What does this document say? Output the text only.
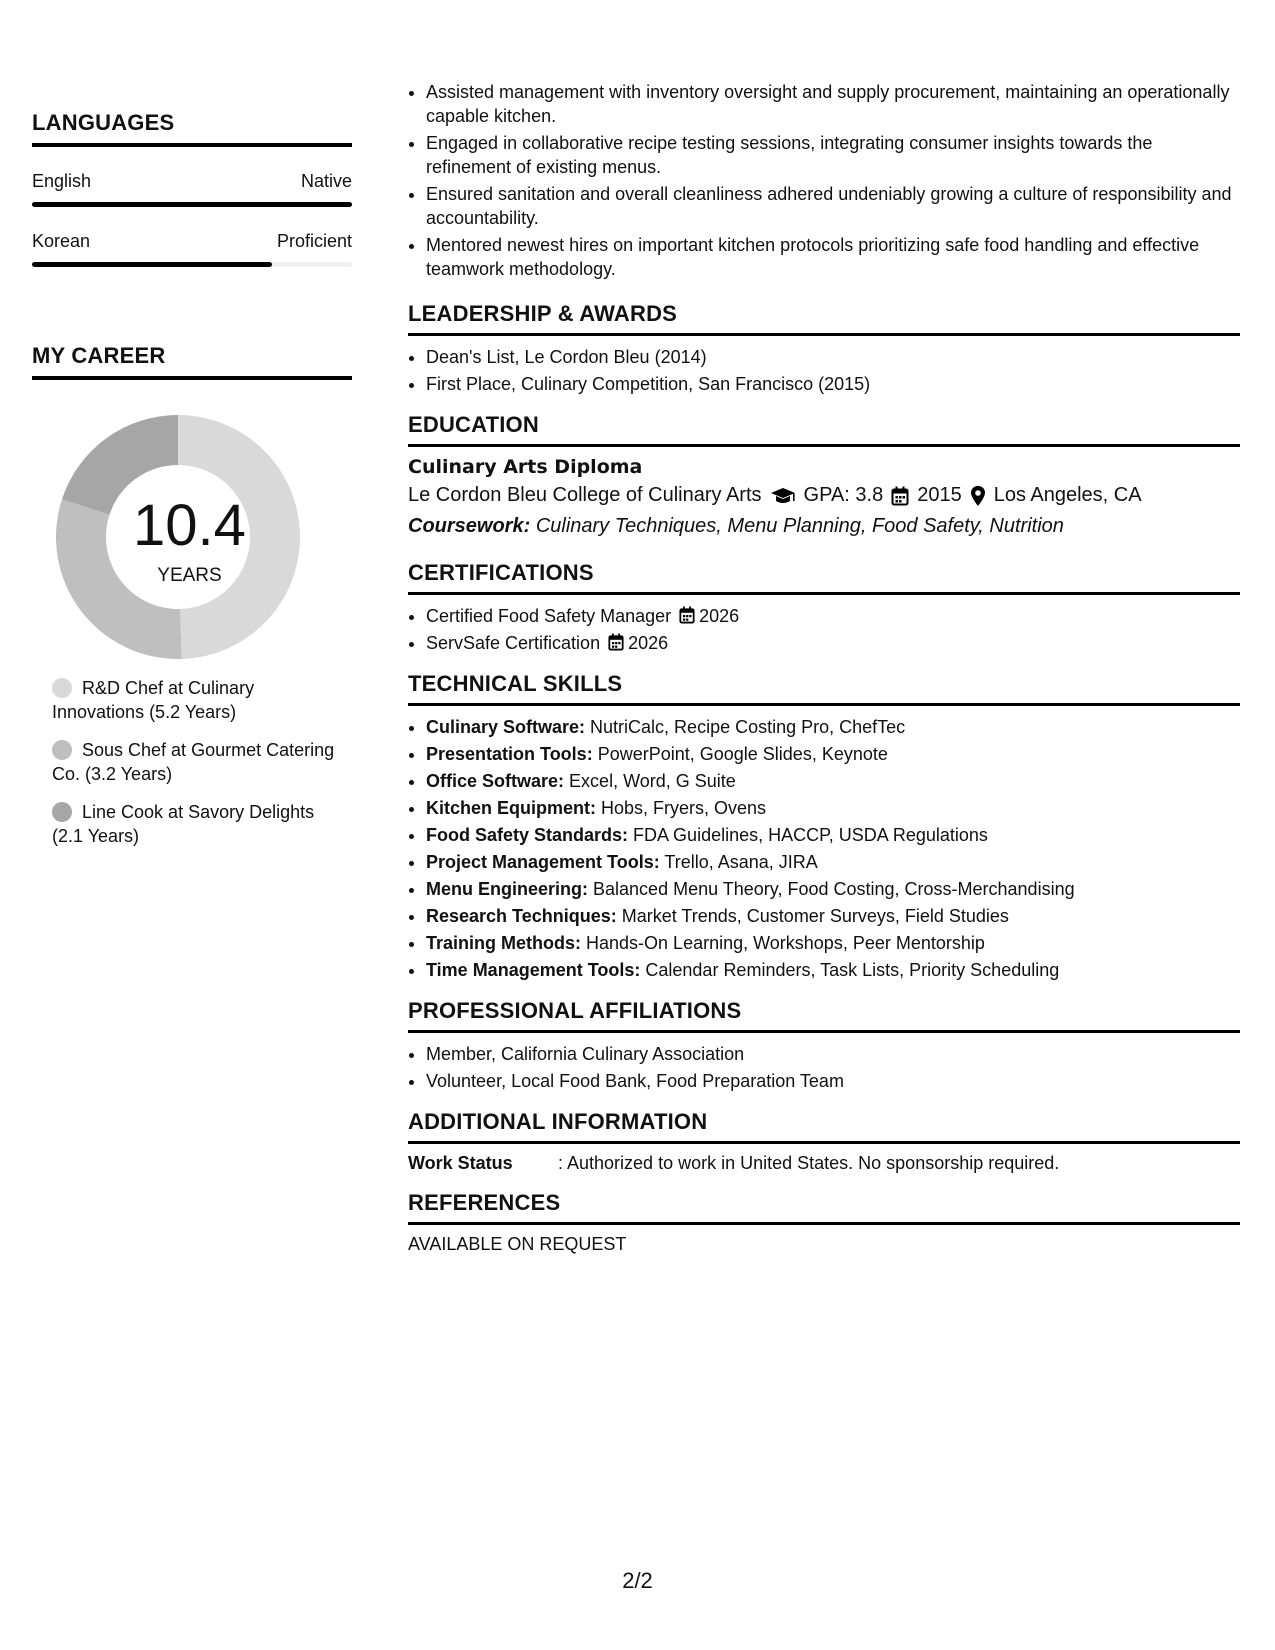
LANGUAGES
English	Native
Korean	Proficient
MY CAREER
10.4
YEARS
R&D Chef at Culinary Innovations (5.2 Years)
Sous Chef at Gourmet Catering Co. (3.2 Years)
Line Cook at Savory Delights (2.1 Years)
• Assisted management with inventory oversight and supply procurement, maintaining an operationally capable kitchen.
• Engaged in collaborative recipe testing sessions, integrating consumer insights towards the refinement of existing menus.
• Ensured sanitation and overall cleanliness adhered undeniably growing a culture of responsibility and accountability.
• Mentored newest hires on important kitchen protocols prioritizing safe food handling and effective teamwork methodology.
LEADERSHIP & AWARDS
• Dean's List, Le Cordon Bleu (2014)
• First Place, Culinary Competition, San Francisco (2015)
EDUCATION
Culinary Arts Diploma
Le Cordon Bleu College of Culinary Arts GPA: 3.8 2015 Los Angeles, CA
Coursework: Culinary Techniques, Menu Planning, Food Safety, Nutrition
CERTIFICATIONS
• Certified Food Safety Manager 2026
• ServSafe Certification 2026
TECHNICAL SKILLS
• Culinary Software: NutriCalc, Recipe Costing Pro, ChefTec
• Presentation Tools: PowerPoint, Google Slides, Keynote
• Office Software: Excel, Word, G Suite
• Kitchen Equipment: Hobs, Fryers, Ovens
• Food Safety Standards: FDA Guidelines, HACCP, USDA Regulations
• Project Management Tools: Trello, Asana, JIRA
• Menu Engineering: Balanced Menu Theory, Food Costing, Cross-Merchandising
• Research Techniques: Market Trends, Customer Surveys, Field Studies
• Training Methods: Hands-On Learning, Workshops, Peer Mentorship
• Time Management Tools: Calendar Reminders, Task Lists, Priority Scheduling
PROFESSIONAL AFFILIATIONS
• Member, California Culinary Association
• Volunteer, Local Food Bank, Food Preparation Team
ADDITIONAL INFORMATION
Work Status	: Authorized to work in United States. No sponsorship required.
REFERENCES
AVAILABLE ON REQUEST
2/2
